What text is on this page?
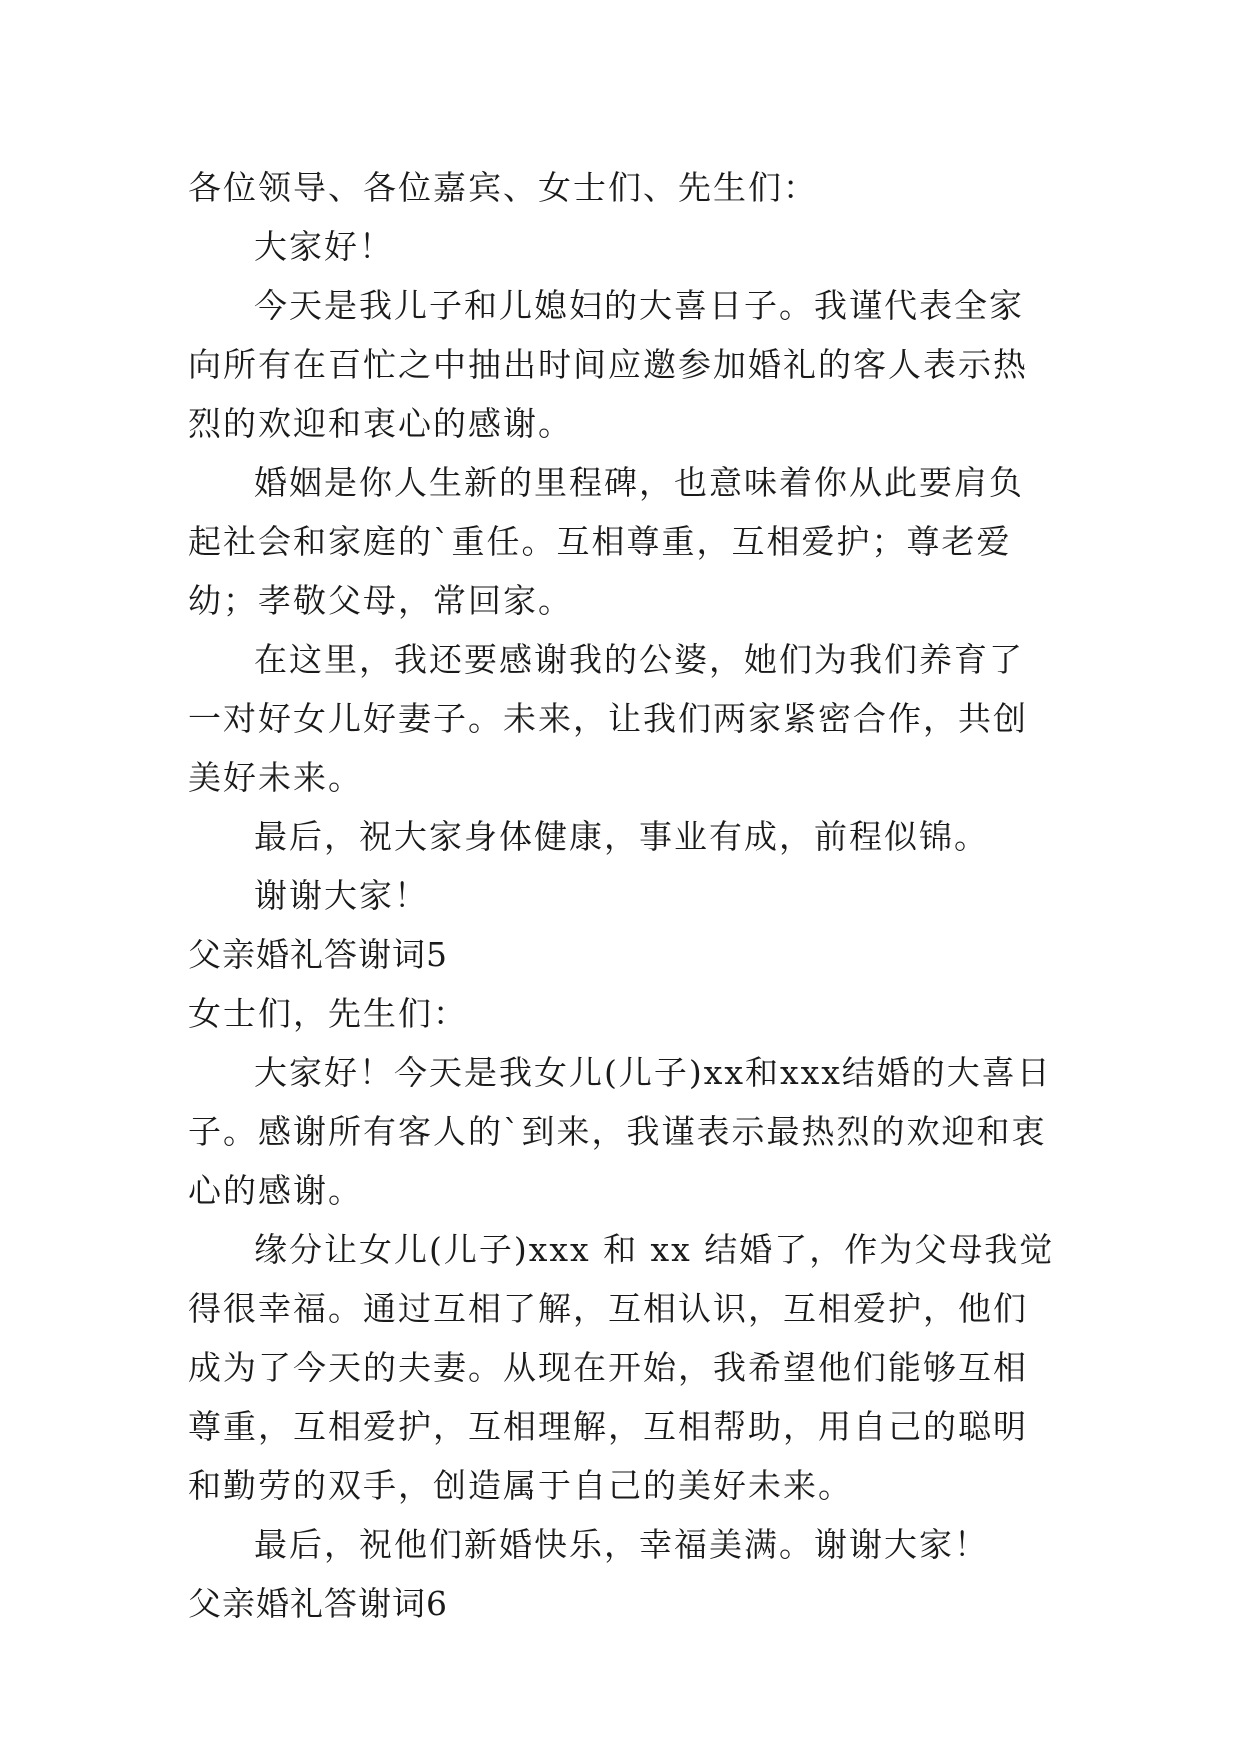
各位领导、各位嘉宾、女士们、先生们：

大家好！

今天是我儿子和儿媳妇的大喜日子。我谨代表全家向所有在百忙之中抽出时间应邀参加婚礼的客人表示热烈的欢迎和衷心的感谢。

婚姻是你人生新的里程碑，也意味着你从此要肩负起社会和家庭的`重任。互相尊重，互相爱护；尊老爱幼；孝敬父母，常回家。

在这里，我还要感谢我的公婆，她们为我们养育了一对好女儿好妻子。未来，让我们两家紧密合作，共创美好未来。

最后，祝大家身体健康，事业有成，前程似锦。

谢谢大家！

父亲婚礼答谢词5

女士们，先生们：

大家好！今天是我女儿(儿子)xx和xxx结婚的大喜日子。感谢所有客人的`到来，我谨表示最热烈的欢迎和衷心的感谢。

缘分让女儿(儿子)xxx 和 xx 结婚了，作为父母我觉得很幸福。通过互相了解，互相认识，互相爱护，他们成为了今天的夫妻。从现在开始，我希望他们能够互相尊重，互相爱护，互相理解，互相帮助，用自己的聪明和勤劳的双手，创造属于自己的美好未来。

最后，祝他们新婚快乐，幸福美满。谢谢大家！

父亲婚礼答谢词6
